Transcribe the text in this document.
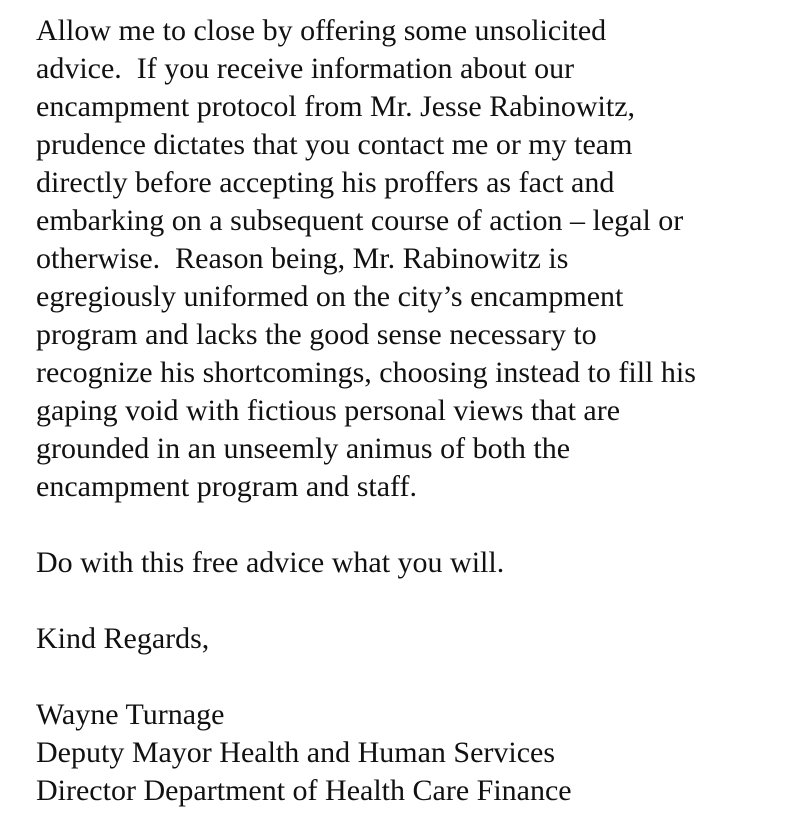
Allow me to close by offering some unsolicited
advice.  If you receive information about our
encampment protocol from Mr. Jesse Rabinowitz,
prudence dictates that you contact me or my team
directly before accepting his proffers as fact and
embarking on a subsequent course of action – legal or
otherwise.  Reason being, Mr. Rabinowitz is
egregiously uniformed on the city’s encampment
program and lacks the good sense necessary to
recognize his shortcomings, choosing instead to fill his
gaping void with fictious personal views that are
grounded in an unseemly animus of both the
encampment program and staff.
Do with this free advice what you will.
Kind Regards,
Wayne Turnage
Deputy Mayor Health and Human Services
Director Department of Health Care Finance
